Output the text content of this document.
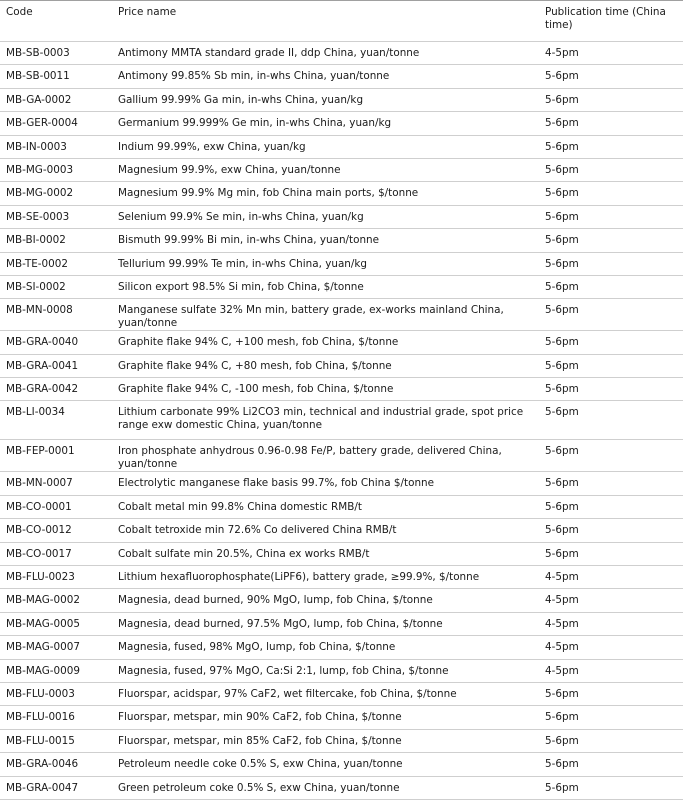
Code	Price name	Publication time (China time)
MB-SB-0003	Antimony MMTA standard grade II, ddp China, yuan/tonne	4-5pm
MB-SB-0011	Antimony 99.85% Sb min, in-whs China, yuan/tonne	5-6pm
MB-GA-0002	Gallium 99.99% Ga min, in-whs China, yuan/kg	5-6pm
MB-GER-0004	Germanium 99.999% Ge min, in-whs China, yuan/kg	5-6pm
MB-IN-0003	Indium 99.99%, exw China, yuan/kg	5-6pm
MB-MG-0003	Magnesium 99.9%, exw China, yuan/tonne	5-6pm
MB-MG-0002	Magnesium 99.9% Mg min, fob China main ports, $/tonne	5-6pm
MB-SE-0003	Selenium 99.9% Se min, in-whs China, yuan/kg	5-6pm
MB-BI-0002	Bismuth 99.99% Bi min, in-whs China, yuan/tonne	5-6pm
MB-TE-0002	Tellurium 99.99% Te min, in-whs China, yuan/kg	5-6pm
MB-SI-0002	Silicon export 98.5% Si min, fob China, $/tonne	5-6pm
MB-MN-0008	Manganese sulfate 32% Mn min, battery grade, ex-works mainland China, yuan/tonne	5-6pm
MB-GRA-0040	Graphite flake 94% C, +100 mesh, fob China, $/tonne	5-6pm
MB-GRA-0041	Graphite flake 94% C, +80 mesh, fob China, $/tonne	5-6pm
MB-GRA-0042	Graphite flake 94% C, -100 mesh, fob China, $/tonne	5-6pm
MB-LI-0034	Lithium carbonate 99% Li2CO3 min, technical and industrial grade, spot price range exw domestic China, yuan/tonne	5-6pm
MB-FEP-0001	Iron phosphate anhydrous 0.96-0.98 Fe/P, battery grade, delivered China, yuan/tonne	5-6pm
MB-MN-0007	Electrolytic manganese flake basis 99.7%, fob China $/tonne	5-6pm
MB-CO-0001	Cobalt metal min 99.8% China domestic RMB/t	5-6pm
MB-CO-0012	Cobalt tetroxide min 72.6% Co delivered China RMB/t	5-6pm
MB-CO-0017	Cobalt sulfate min 20.5%, China ex works RMB/t	5-6pm
MB-FLU-0023	Lithium hexafluorophosphate(LiPF6), battery grade, ≥99.9%, $/tonne	4-5pm
MB-MAG-0002	Magnesia, dead burned, 90% MgO, lump, fob China, $/tonne	4-5pm
MB-MAG-0005	Magnesia, dead burned, 97.5% MgO, lump, fob China, $/tonne	4-5pm
MB-MAG-0007	Magnesia, fused, 98% MgO, lump, fob China, $/tonne	4-5pm
MB-MAG-0009	Magnesia, fused, 97% MgO, Ca:Si 2:1, lump, fob China, $/tonne	4-5pm
MB-FLU-0003	Fluorspar, acidspar, 97% CaF2, wet filtercake, fob China, $/tonne	5-6pm
MB-FLU-0016	Fluorspar, metspar, min 90% CaF2, fob China, $/tonne	5-6pm
MB-FLU-0015	Fluorspar, metspar, min 85% CaF2, fob China, $/tonne	5-6pm
MB-GRA-0046	Petroleum needle coke 0.5% S, exw China, yuan/tonne	5-6pm
MB-GRA-0047	Green petroleum coke 0.5% S, exw China, yuan/tonne	5-6pm
